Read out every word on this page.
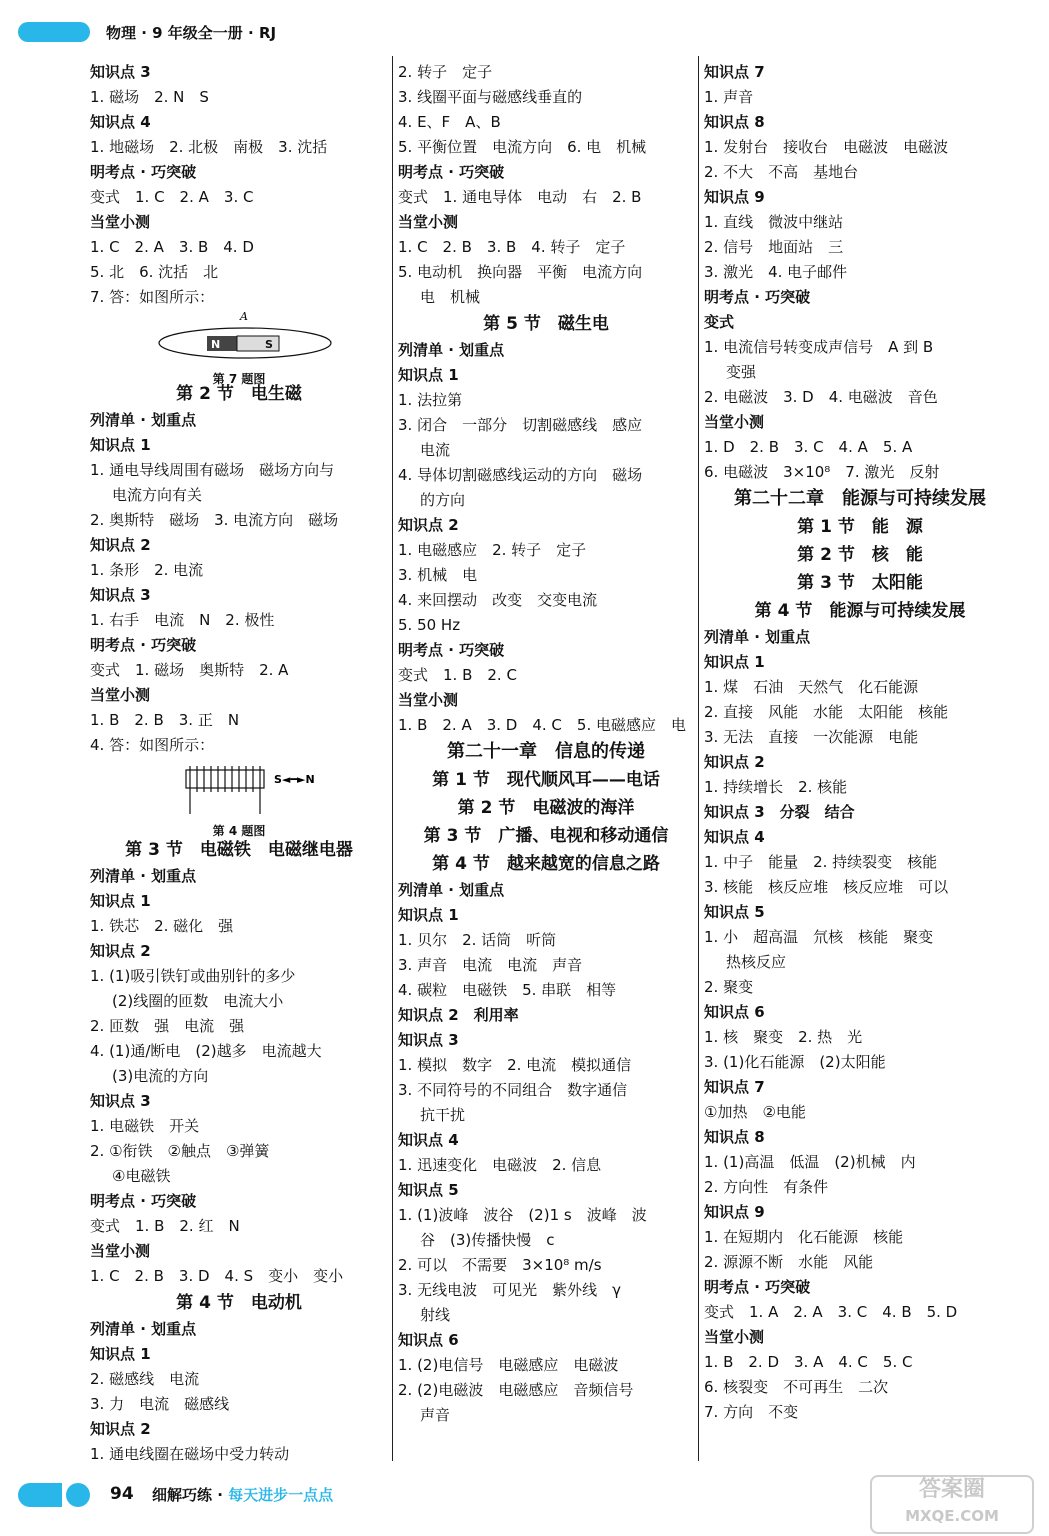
物理 · 9 年级全一册 · RJ
知识点 3
1. 磁场　2. N　S
知识点 4
1. 地磁场　2. 北极　南极　3. 沈括
明考点 · 巧突破
变式　1. C　2. A　3. C
当堂小测
1. C　2. A　3. B　4. D
5. 北　6. 沈括　北
7. 答：如图所示：
A
N	S
第 7 题图
第 2 节　电生磁
列清单 · 划重点
知识点 1
1. 通电导线周围有磁场　磁场方向与
电流方向有关
2. 奥斯特　磁场　3. 电流方向　磁场
知识点 2
1. 条形　2. 电流
知识点 3
1. 右手　电流　N　2. 极性
明考点 · 巧突破
变式　1. 磁场　奥斯特　2. A
当堂小测
1. B　2. B　3. 正　N
4. 答：如图所示：
S◄━►N
第 4 题图
第 3 节　电磁铁　电磁继电器
列清单 · 划重点
知识点 1
1. 铁芯　2. 磁化　强
知识点 2
1. (1)吸引铁钉或曲别针的多少
(2)线圈的匝数　电流大小
2. 匝数　强　电流　强
4. (1)通/断电　(2)越多　电流越大
(3)电流的方向
知识点 3
1. 电磁铁　开关
2. ①衔铁　②触点　③弹簧
④电磁铁
明考点 · 巧突破
变式　1. B　2. 红　N
当堂小测
1. C　2. B　3. D　4. S　变小　变小
第 4 节　电动机
列清单 · 划重点
知识点 1
2. 磁感线　电流
3. 力　电流　磁感线
知识点 2
1. 通电线圈在磁场中受力转动
2. 转子　定子
3. 线圈平面与磁感线垂直的
4. E、F　A、B
5. 平衡位置　电流方向　6. 电　机械
明考点 · 巧突破
变式　1. 通电导体　电动　右　2. B
当堂小测
1. C　2. B　3. B　4. 转子　定子
5. 电动机　换向器　平衡　电流方向
电　机械
第 5 节　磁生电
列清单 · 划重点
知识点 1
1. 法拉第
3. 闭合　一部分　切割磁感线　感应
电流
4. 导体切割磁感线运动的方向　磁场
的方向
知识点 2
1. 电磁感应　2. 转子　定子
3. 机械　电
4. 来回摆动　改变　交变电流
5. 50 Hz
明考点 · 巧突破
变式　1. B　2. C
当堂小测
1. B　2. A　3. D　4. C　5. 电磁感应　电
第二十一章　信息的传递
第 1 节　现代顺风耳——电话
第 2 节　电磁波的海洋
第 3 节　广播、电视和移动通信
第 4 节　越来越宽的信息之路
列清单 · 划重点
知识点 1
1. 贝尔　2. 话筒　听筒
3. 声音　电流　电流　声音
4. 碳粒　电磁铁　5. 串联　相等
知识点 2　利用率
知识点 3
1. 模拟　数字　2. 电流　模拟通信
3. 不同符号的不同组合　数字通信
抗干扰
知识点 4
1. 迅速变化　电磁波　2. 信息
知识点 5
1. (1)波峰　波谷　(2)1 s　波峰　波
谷　(3)传播快慢　c
2. 可以　不需要　3×10⁸ m/s
3. 无线电波　可见光　紫外线　γ
射线
知识点 6
1. (2)电信号　电磁感应　电磁波
2. (2)电磁波　电磁感应　音频信号
声音
知识点 7
1. 声音
知识点 8
1. 发射台　接收台　电磁波　电磁波
2. 不大　不高　基地台
知识点 9
1. 直线　微波中继站
2. 信号　地面站　三
3. 激光　4. 电子邮件
明考点 · 巧突破
变式
1. 电流信号转变成声信号　A 到 B
变强
2. 电磁波　3. D　4. 电磁波　音色
当堂小测
1. D　2. B　3. C　4. A　5. A
6. 电磁波　3×10⁸　7. 激光　反射
第二十二章　能源与可持续发展
第 1 节　能　源
第 2 节　核　能
第 3 节　太阳能
第 4 节　能源与可持续发展
列清单 · 划重点
知识点 1
1. 煤　石油　天然气　化石能源
2. 直接　风能　水能　太阳能　核能
3. 无法　直接　一次能源　电能
知识点 2
1. 持续增长　2. 核能
知识点 3　分裂　结合
知识点 4
1. 中子　能量　2. 持续裂变　核能
3. 核能　核反应堆　核反应堆　可以
知识点 5
1. 小　超高温　氘核　核能　聚变
热核反应
2. 聚变
知识点 6
1. 核　聚变　2. 热　光
3. (1)化石能源　(2)太阳能
知识点 7
①加热　②电能
知识点 8
1. (1)高温　低温　(2)机械　内
2. 方向性　有条件
知识点 9
1. 在短期内　化石能源　核能
2. 源源不断　水能　风能
明考点 · 巧突破
变式　1. A　2. A　3. C　4. B　5. D
当堂小测
1. B　2. D　3. A　4. C　5. C
6. 核裂变　不可再生　二次
7. 方向　不变
94 细解巧练 · 每天进步一点点	答案圈
MXQE.COM
